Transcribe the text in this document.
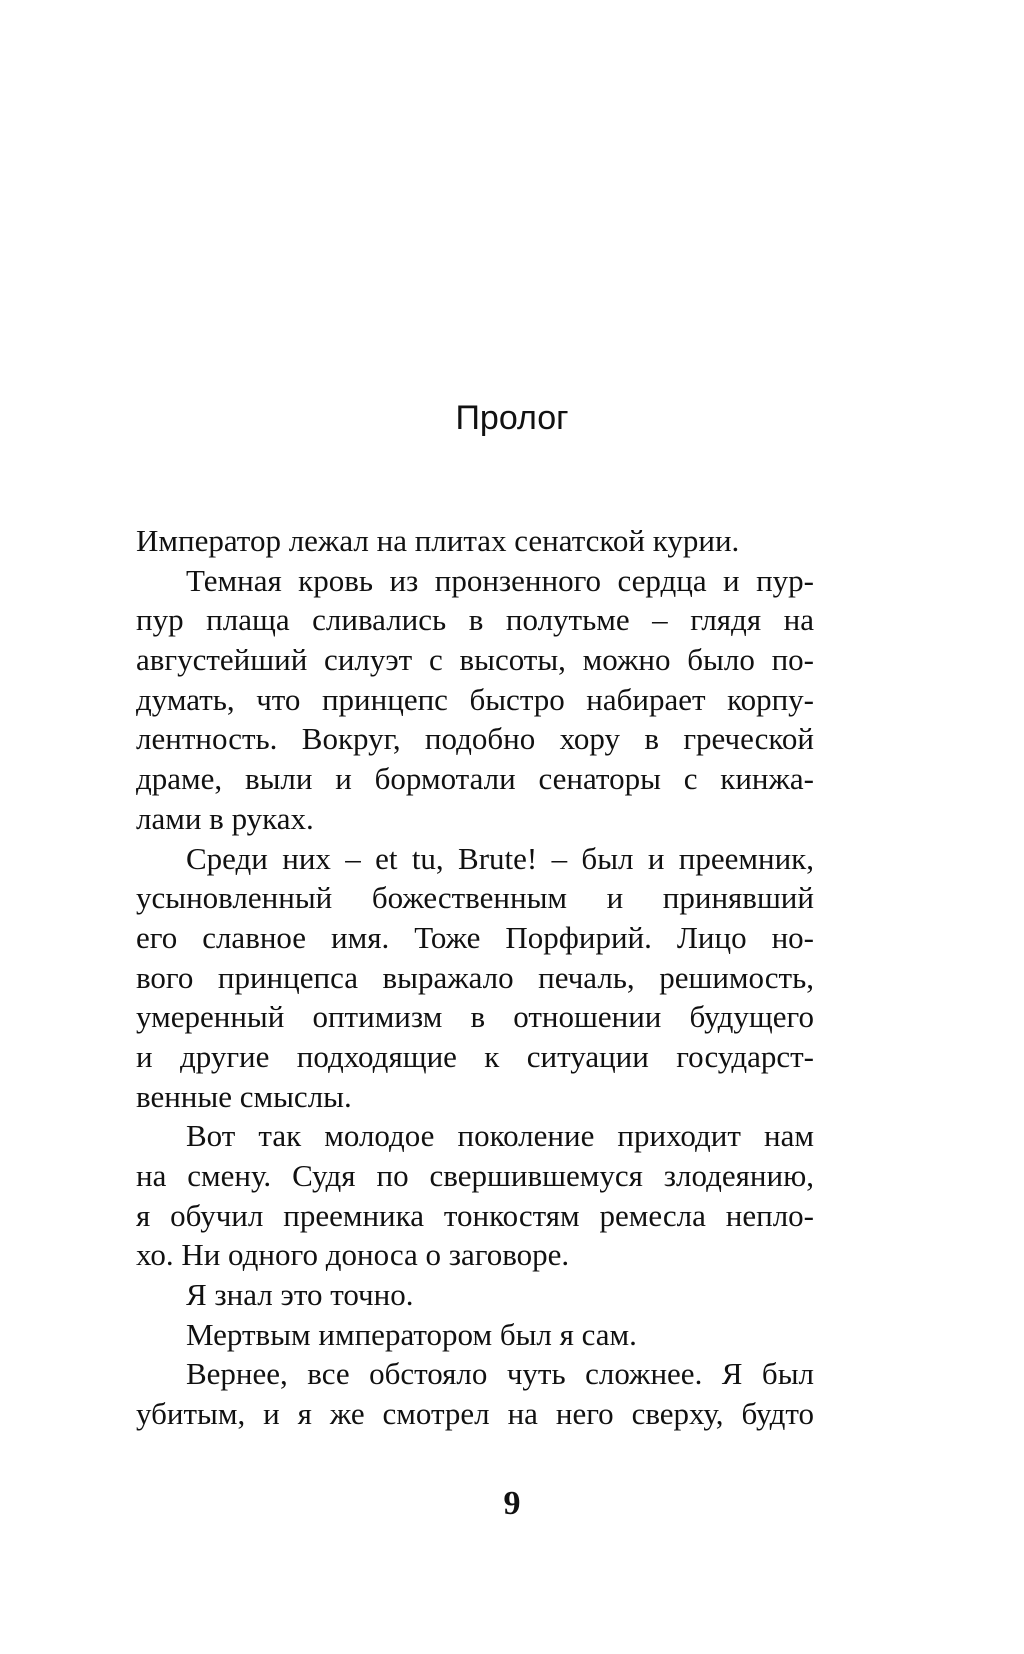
Пролог
Император лежал на плитах сенатской курии.
Темная кровь из пронзенного сердца и пур-
пур плаща сливались в полутьме – глядя на
августейший силуэт с высоты, можно было по-
думать, что принцепс быстро набирает корпу-
лентность. Вокруг, подобно хору в греческой
драме, выли и бормотали сенаторы с кинжа-
лами в руках.
Среди них – et tu, Brute! – был и преемник,
усыновленный божественным и принявший
его славное имя. Тоже Порфирий. Лицо но-
вого принцепса выражало печаль, решимость,
умеренный оптимизм в отношении будущего
и другие подходящие к ситуации государст-
венные смыслы.
Вот так молодое поколение приходит нам
на смену. Судя по свершившемуся злодеянию,
я обучил преемника тонкостям ремесла непло-
хо. Ни одного доноса о заговоре.
Я знал это точно.
Мертвым императором был я сам.
Вернее, все обстояло чуть сложнее. Я был
убитым, и я же смотрел на него сверху, будто
9
